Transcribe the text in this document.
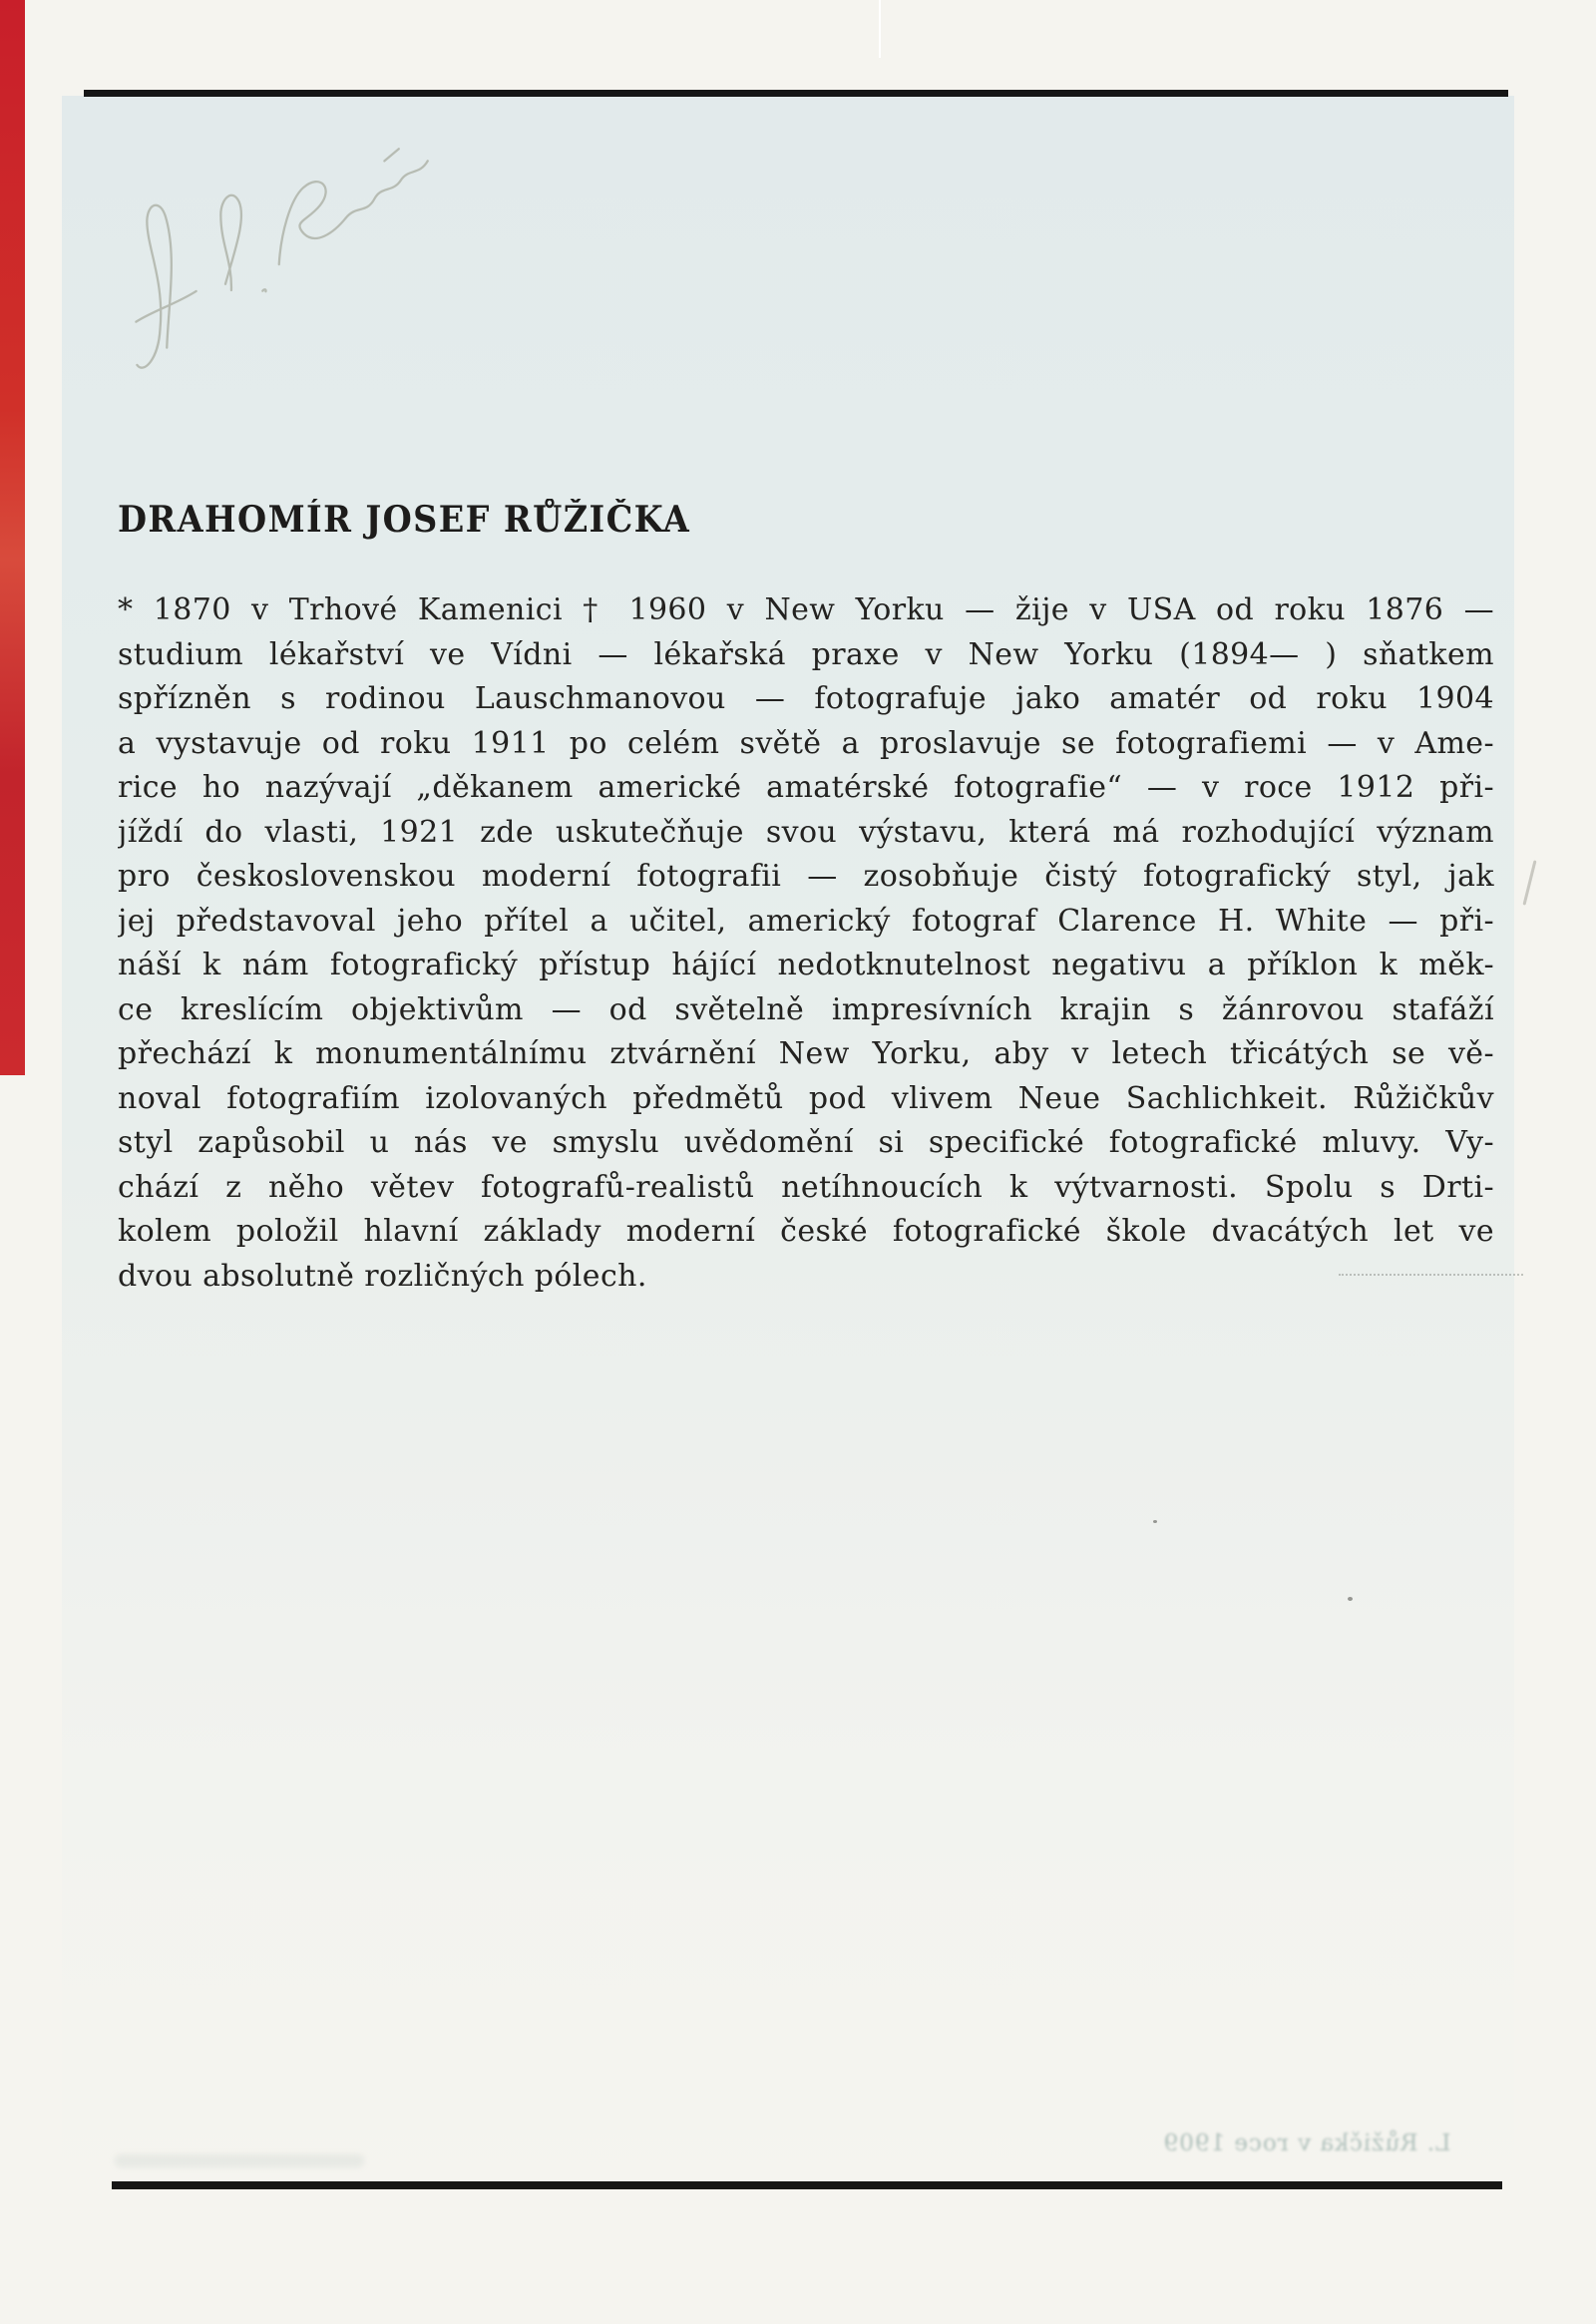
DRAHOMÍR JOSEF RŮŽIČKA
* 1870 v Trhové Kamenici † 1960 v New Yorku — žije v USA od roku 1876 —
studium lékařství ve Vídni — lékařská praxe v New Yorku (1894— ) sňatkem
spřízněn s rodinou Lauschmanovou — fotografuje jako amatér od roku 1904
a vystavuje od roku 1911 po celém světě a proslavuje se fotografiemi — v Ame-
rice ho nazývají „děkanem americké amatérské fotografie“ — v roce 1912 při-
jíždí do vlasti, 1921 zde uskutečňuje svou výstavu, která má rozhodující význam
pro československou moderní fotografii — zosobňuje čistý fotografický styl, jak
jej představoval jeho přítel a učitel, americký fotograf Clarence H. White — při-
náší k nám fotografický přístup hájící nedotknutelnost negativu a příklon k měk-
ce kreslícím objektivům — od světelně impresívních krajin s žánrovou stafáží
přechází k monumentálnímu ztvárnění New Yorku, aby v letech třicátých se vě-
noval fotografiím izolovaných předmětů pod vlivem Neue Sachlichkeit. Růžičkův
styl zapůsobil u nás ve smyslu uvědomění si specifické fotografické mluvy. Vy-
chází z něho větev fotografů-realistů netíhnoucích k výtvarnosti. Spolu s Drti-
kolem položil hlavní základy moderní české fotografické škole dvacátých let ve
dvou absolutně rozličných pólech.
L. Růžička v roce 1909
